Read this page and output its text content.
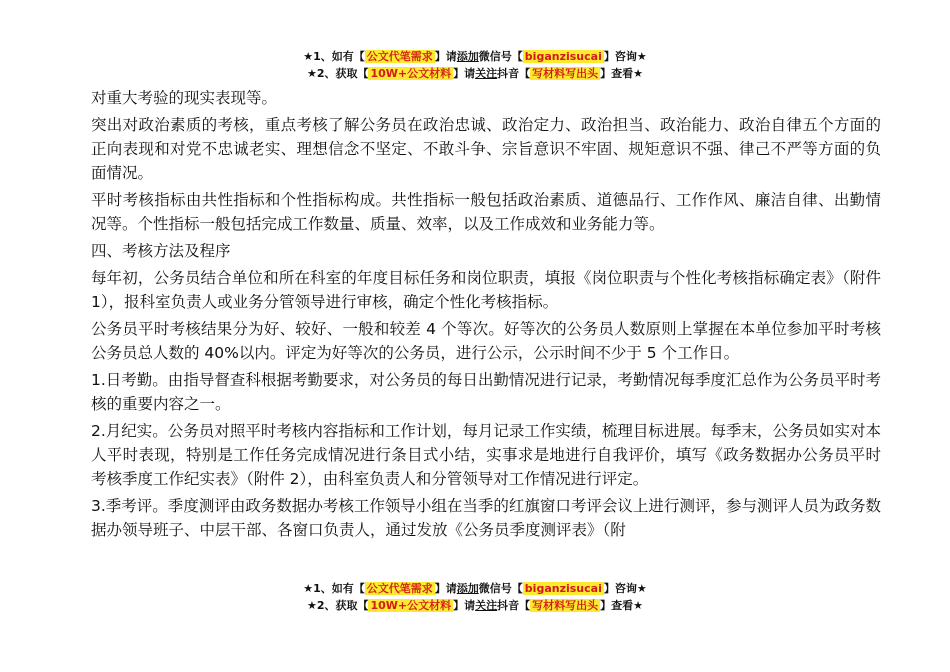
★1、如有【 公文代笔需求 】请添加微信号【 biganzisucai 】咨询★
★2、获取【 10W+公文材料 】请关注抖音【 写材料写出头 】查看★

对重大考验的现实表现等。

突出对政治素质的考核，重点考核了解公务员在政治忠诚、政治定力、政治担当、政治能力、政治自律五个方面的正向表现和对党不忠诚老实、理想信念不坚定、不敢斗争、宗旨意识不牢固、规矩意识不强、律己不严等方面的负面情况。

平时考核指标由共性指标和个性指标构成。共性指标一般包括政治素质、道德品行、工作作风、廉洁自律、出勤情况等。个性指标一般包括完成工作数量、质量、效率，以及工作成效和业务能力等。

四、考核方法及程序

每年初，公务员结合单位和所在科室的年度目标任务和岗位职责，填报《岗位职责与个性化考核指标确定表》（附件 1），报科室负责人或业务分管领导进行审核，确定个性化考核指标。

公务员平时考核结果分为好、较好、一般和较差 4 个等次。好等次的公务员人数原则上掌握在本单位参加平时考核公务员总人数的 40%以内。评定为好等次的公务员，进行公示，公示时间不少于 5 个工作日。

1.日考勤。由指导督查科根据考勤要求，对公务员的每日出勤情况进行记录，考勤情况每季度汇总作为公务员平时考核的重要内容之一。

2.月纪实。公务员对照平时考核内容指标和工作计划，每月记录工作实绩，梳理目标进展。每季末，公务员如实对本人平时表现，特别是工作任务完成情况进行条目式小结，实事求是地进行自我评价，填写《政务数据办公务员平时考核季度工作纪实表》（附件 2），由科室负责人和分管领导对工作情况进行评定。

3.季考评。季度测评由政务数据办考核工作领导小组在当季的红旗窗口考评会议上进行测评，参与测评人员为政务数据办领导班子、中层干部、各窗口负责人，通过发放《公务员季度测评表》（附

★1、如有【 公文代笔需求 】请添加微信号【 biganzisucai 】咨询★
★2、获取【 10W+公文材料 】请关注抖音【 写材料写出头 】查看★
